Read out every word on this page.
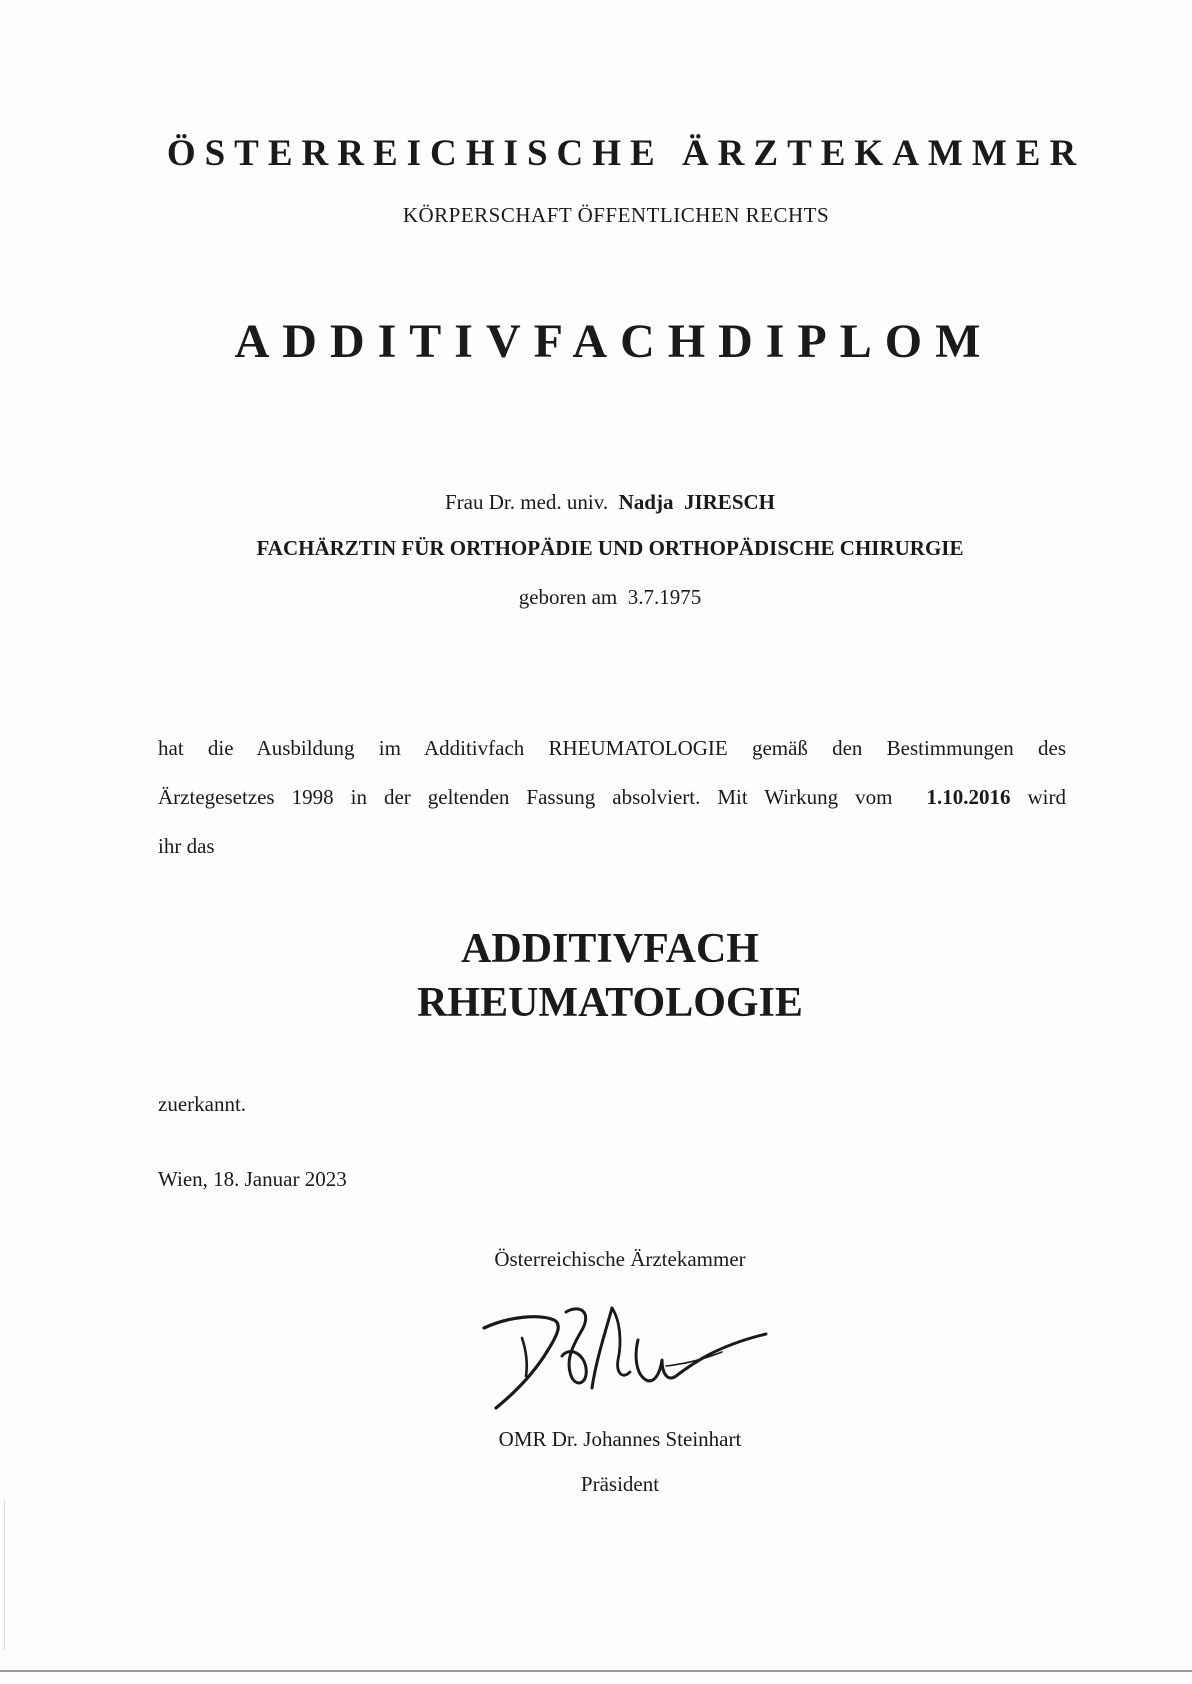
ÖSTERREICHISCHE ÄRZTEKAMMER
KÖRPERSCHAFT ÖFFENTLICHEN RECHTS
ADDITIVFACHDIPLOM
Frau Dr. med. univ. Nadja JIRESCH
FACHÄRZTIN FÜR ORTHOPÄDIE UND ORTHOPÄDISCHE CHIRURGIE
geboren am 3.7.1975
hat die Ausbildung im Additivfach RHEUMATOLOGIE gemäß den Bestimmungen des
Ärztegesetzes 1998 in der geltenden Fassung absolviert. Mit Wirkung vom 1.10.2016 wird
ihr das
ADDITIVFACH
RHEUMATOLOGIE
zuerkannt.
Wien, 18. Januar 2023
Österreichische Ärztekammer
OMR Dr. Johannes Steinhart
Präsident
